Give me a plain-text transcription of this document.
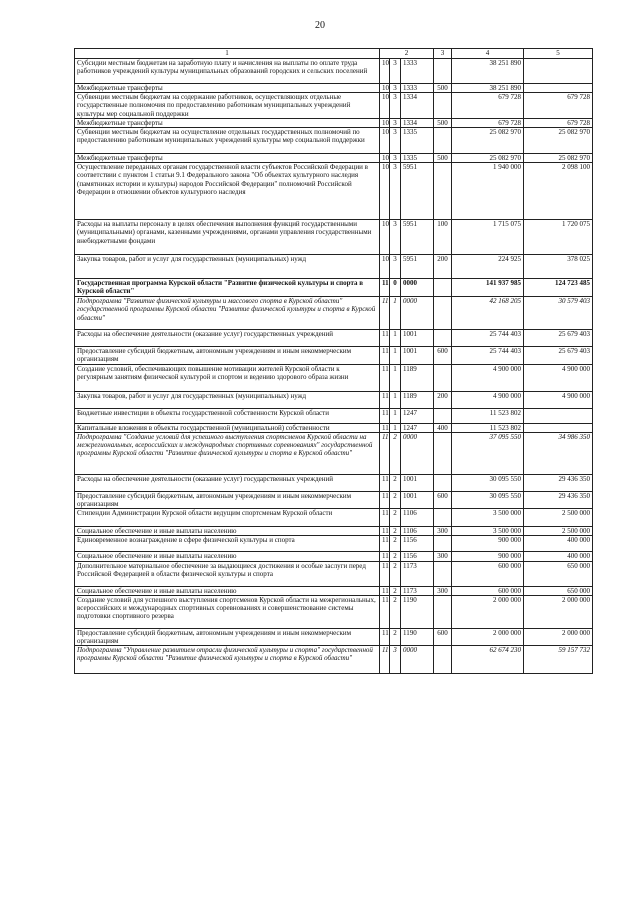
20
1	2			3	4	5
Субсидии местным бюджетам на заработную плату и начисления на выплаты по оплате труда работников учреждений культуры муниципальных образований городских и сельских поселений	10	3	1333		38 251 890	
Межбюджетные трансферты	10	3	1333	500	38 251 890	
Субвенции местным бюджетам на содержание работников, осуществляющих отдельные государственные полномочия по предоставлению работникам муниципальных учреждений культуры мер социальной поддержки	10	3	1334		679 728	679 728
Межбюджетные трансферты	10	3	1334	500	679 728	679 728
Субвенции местным бюджетам на осуществление отдельных государственных полномочий по предоставлению работникам муниципальных учреждений культуры мер социальной поддержки	10	3	1335		25 082 970	25 082 970
Межбюджетные трансферты	10	3	1335	500	25 082 970	25 082 970
Осуществление переданных органам государственной власти субъектов Российской Федерации в соответствии с пунктом 1 статьи 9.1 Федерального закона "Об объектах культурного наследия (памятниках истории и культуры) народов Российской Федерации" полномочий Российской Федерации в отношении объектов культурного наследия	10	3	5951		1 940 000	2 098 100
Расходы на выплаты персоналу в целях обеспечения выполнения функций государственными (муниципальными) органами, казенными учреждениями, органами управления государственными внебюджетными фондами	10	3	5951	100	1 715 075	1 720 075
Закупка товаров, работ и услуг для государственных (муниципальных) нужд	10	3	5951	200	224 925	378 025
Государственная программа Курской области "Развитие физической культуры и спорта в Курской области"	11	0	0000		141 937 985	124 723 485
Подпрограмма "Развитие физической культуры и массового спорта в Курской области" государственной программы Курской области "Развитие физической культуры и спорта в Курской области"	11	1	0000		42 168 205	30 579 403
Расходы на обеспечение деятельности (оказание услуг) государственных учреждений	11	1	1001		25 744 403	25 679 403
Предоставление субсидий бюджетным, автономным учреждениям и иным некоммерческим организациям	11	1	1001	600	25 744 403	25 679 403
Создание условий, обеспечивающих повышение мотивации жителей Курской области к регулярным занятиям физической культурой и спортом и ведению здорового образа жизни	11	1	1189		4 900 000	4 900 000
Закупка товаров, работ и услуг для государственных (муниципальных) нужд	11	1	1189	200	4 900 000	4 900 000
Бюджетные инвестиции в объекты государственной собственности Курской области	11	1	1247		11 523 802	
Капитальные вложения в объекты государственной (муниципальной) собственности	11	1	1247	400	11 523 802	
Подпрограмма "Создание условий для успешного выступления спортсменов Курской области на межрегиональных, всероссийских и международных спортивных соревнованиях" государственной программы Курской области "Развитие физической культуры и спорта в Курской области"	11	2	0000		37 095 550	34 986 350
Расходы на обеспечение деятельности (оказание услуг) государственных учреждений	11	2	1001		30 095 550	29 436 350
Предоставление субсидий бюджетным, автономным учреждениям и иным некоммерческим организациям	11	2	1001	600	30 095 550	29 436 350
Стипендии Администрации Курской области ведущим спортсменам Курской области	11	2	1106		3 500 000	2 500 000
Социальное обеспечение и иные выплаты населению	11	2	1106	300	3 500 000	2 500 000
Единовременное вознаграждение в сфере физической культуры и спорта	11	2	1156		900 000	400 000
Социальное обеспечение и иные выплаты населению	11	2	1156	300	900 000	400 000
Дополнительное материальное обеспечение за выдающиеся достижения и особые заслуги перед Российской Федерацией в области физической культуры и спорта	11	2	1173		600 000	650 000
Социальное обеспечение и иные выплаты населению	11	2	1173	300	600 000	650 000
Создание условий для успешного выступления спортсменов Курской области на межрегиональных, всероссийских и международных спортивных соревнованиях и совершенствование системы подготовки спортивного резерва	11	2	1190		2 000 000	2 000 000
Предоставление субсидий бюджетным, автономным учреждениям и иным некоммерческим организациям	11	2	1190	600	2 000 000	2 000 000
Подпрограмма "Управление развитием отрасли физической культуры и спорта" государственной программы Курской области "Развитие физической культуры и спорта в Курской области"	11	3	0000		62 674 230	59 157 732
